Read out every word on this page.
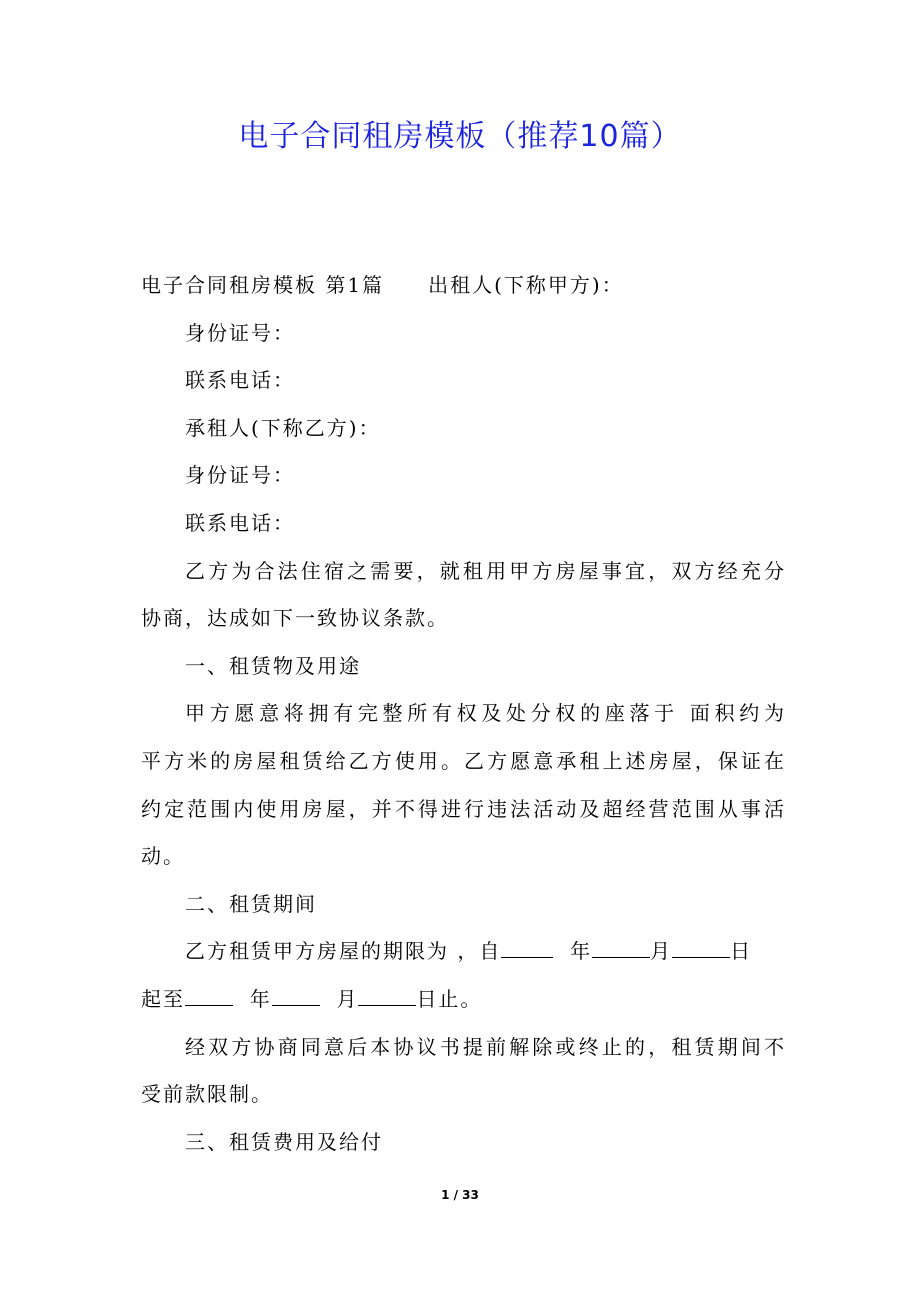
电子合同租房模板（推荐10篇）
电子合同租房模板 第1篇 出租人(下称甲方)：
身份证号：
联系电话：
承租人(下称乙方)：
身份证号：
联系电话：
乙方为合法住宿之需要，就租用甲方房屋事宜，双方经充分
协商，达成如下一致协议条款。
一、租赁物及用途
甲方愿意将拥有完整所有权及处分权的座落于 面积约为
平方米的房屋租赁给乙方使用。乙方愿意承租上述房屋，保证在
约定范围内使用房屋，并不得进行违法活动及超经营范围从事活
动。
二、租赁期间
乙方租赁甲方房屋的期限为 ，自	年	月	日
起至	年	月	日止。
经双方协商同意后本协议书提前解除或终止的，租赁期间不
受前款限制。
三、租赁费用及给付
1 / 33
